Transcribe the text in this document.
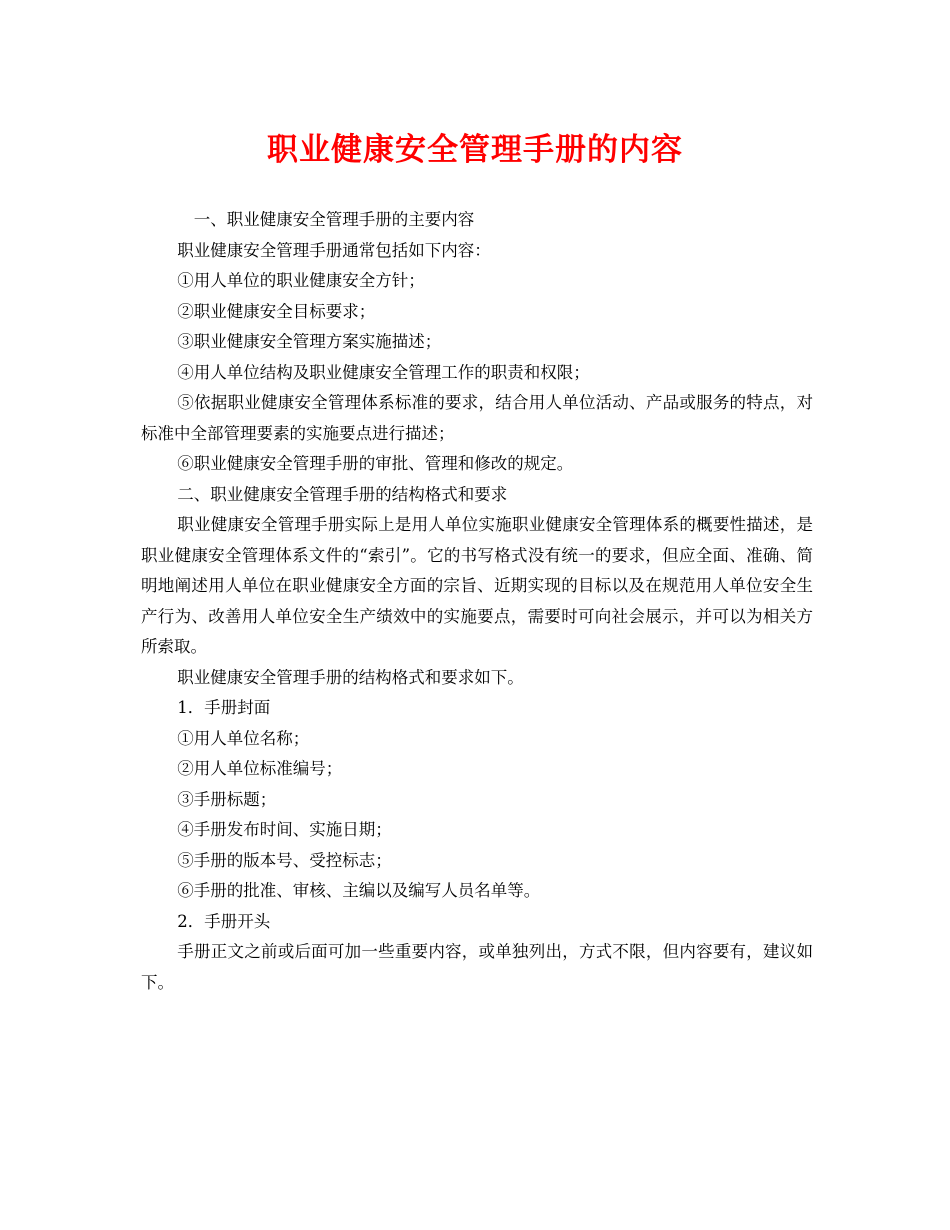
职业健康安全管理手册的内容

一、职业健康安全管理手册的主要内容

职业健康安全管理手册通常包括如下内容：

①用人单位的职业健康安全方针；

②职业健康安全目标要求；

③职业健康安全管理方案实施描述；

④用人单位结构及职业健康安全管理工作的职责和权限；

⑤依据职业健康安全管理体系标准的要求，结合用人单位活动、产品或服务的特点，对标准中全部管理要素的实施要点进行描述；

⑥职业健康安全管理手册的审批、管理和修改的规定。

二、职业健康安全管理手册的结构格式和要求

职业健康安全管理手册实际上是用人单位实施职业健康安全管理体系的概要性描述，是职业健康安全管理体系文件的“索引”。它的书写格式没有统一的要求，但应全面、准确、简明地阐述用人单位在职业健康安全方面的宗旨、近期实现的目标以及在规范用人单位安全生产行为、改善用人单位安全生产绩效中的实施要点，需要时可向社会展示，并可以为相关方所索取。

职业健康安全管理手册的结构格式和要求如下。

1．手册封面

①用人单位名称；

②用人单位标准编号；

③手册标题；

④手册发布时间、实施日期；

⑤手册的版本号、受控标志；

⑥手册的批准、审核、主编以及编写人员名单等。

2．手册开头

手册正文之前或后面可加一些重要内容，或单独列出，方式不限，但内容要有，建议如下。
